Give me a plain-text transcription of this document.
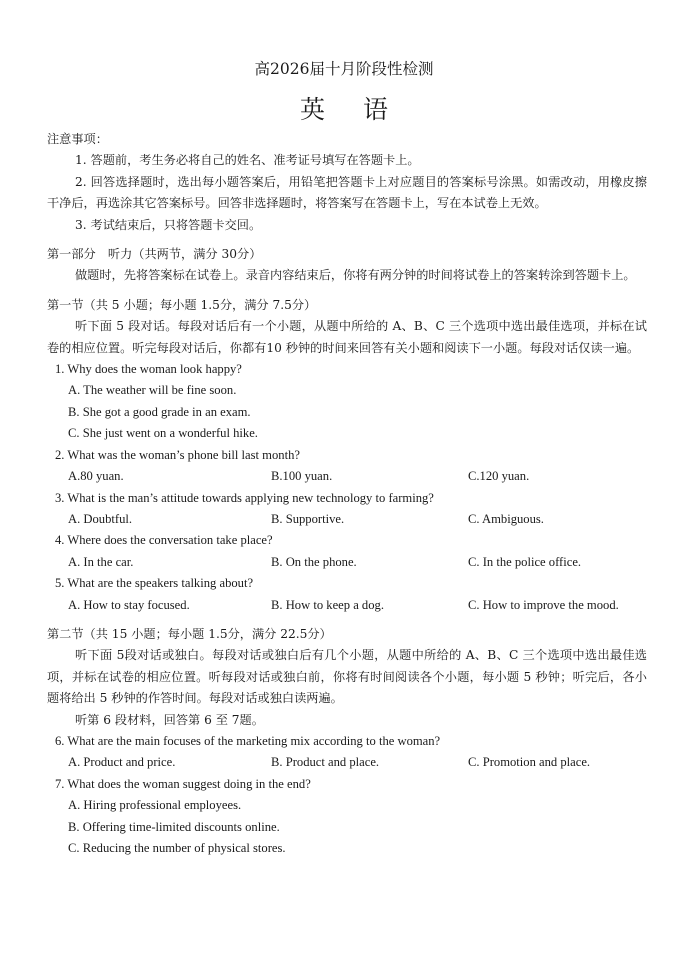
高2026届十月阶段性检测
英语

注意事项：

1. 答题前，考生务必将自己的姓名、准考证号填写在答题卡上。

2. 回答选择题时，选出每小题答案后，用铅笔把答题卡上对应题目的答案标号涂黑。如需改动，用橡皮擦干净后，再选涂其它答案标号。回答非选择题时，将答案写在答题卡上，写在本试卷上无效。

3. 考试结束后，只将答题卡交回。

第一部分　听力（共两节，满分 30分）

做题时，先将答案标在试卷上。录音内容结束后，你将有两分钟的时间将试卷上的答案转涂到答题卡上。

第一节（共 5 小题；每小题 1.5分，满分 7.5分）

听下面 5 段对话。每段对话后有一个小题，从题中所给的 A、B、C 三个选项中选出最佳选项，并标在试卷的相应位置。听完每段对话后，你都有10 秒钟的时间来回答有关小题和阅读下一小题。每段对话仅读一遍。

1. Why does the woman look happy?

A. The weather will be fine soon.

B. She got a good grade in an exam.

C. She just went on a wonderful hike.

2. What was the woman’s phone bill last month?

A.80 yuan.	B.100 yuan.	C.120 yuan.

3. What is the man’s attitude towards applying new technology to farming?

A. Doubtful.	B. Supportive.	C. Ambiguous.

4. Where does the conversation take place?

A. In the car.	B. On the phone.	C. In the police office.

5. What are the speakers talking about?

A. How to stay focused.	B. How to keep a dog.	C. How to improve the mood.

第二节（共 15 小题；每小题 1.5分，满分 22.5分）

听下面 5段对话或独白。每段对话或独白后有几个小题，从题中所给的 A、B、C 三个选项中选出最佳选项，并标在试卷的相应位置。听每段对话或独白前，你将有时间阅读各个小题，每小题 5 秒钟；听完后，各小题将给出 5 秒钟的作答时间。每段对话或独白读两遍。

听第 6 段材料，回答第 6 至 7题。

6. What are the main focuses of the marketing mix according to the woman?

A. Product and price.	B. Product and place.	C. Promotion and place.

7. What does the woman suggest doing in the end?

A. Hiring professional employees.

B. Offering time-limited discounts online.

C. Reducing the number of physical stores.
